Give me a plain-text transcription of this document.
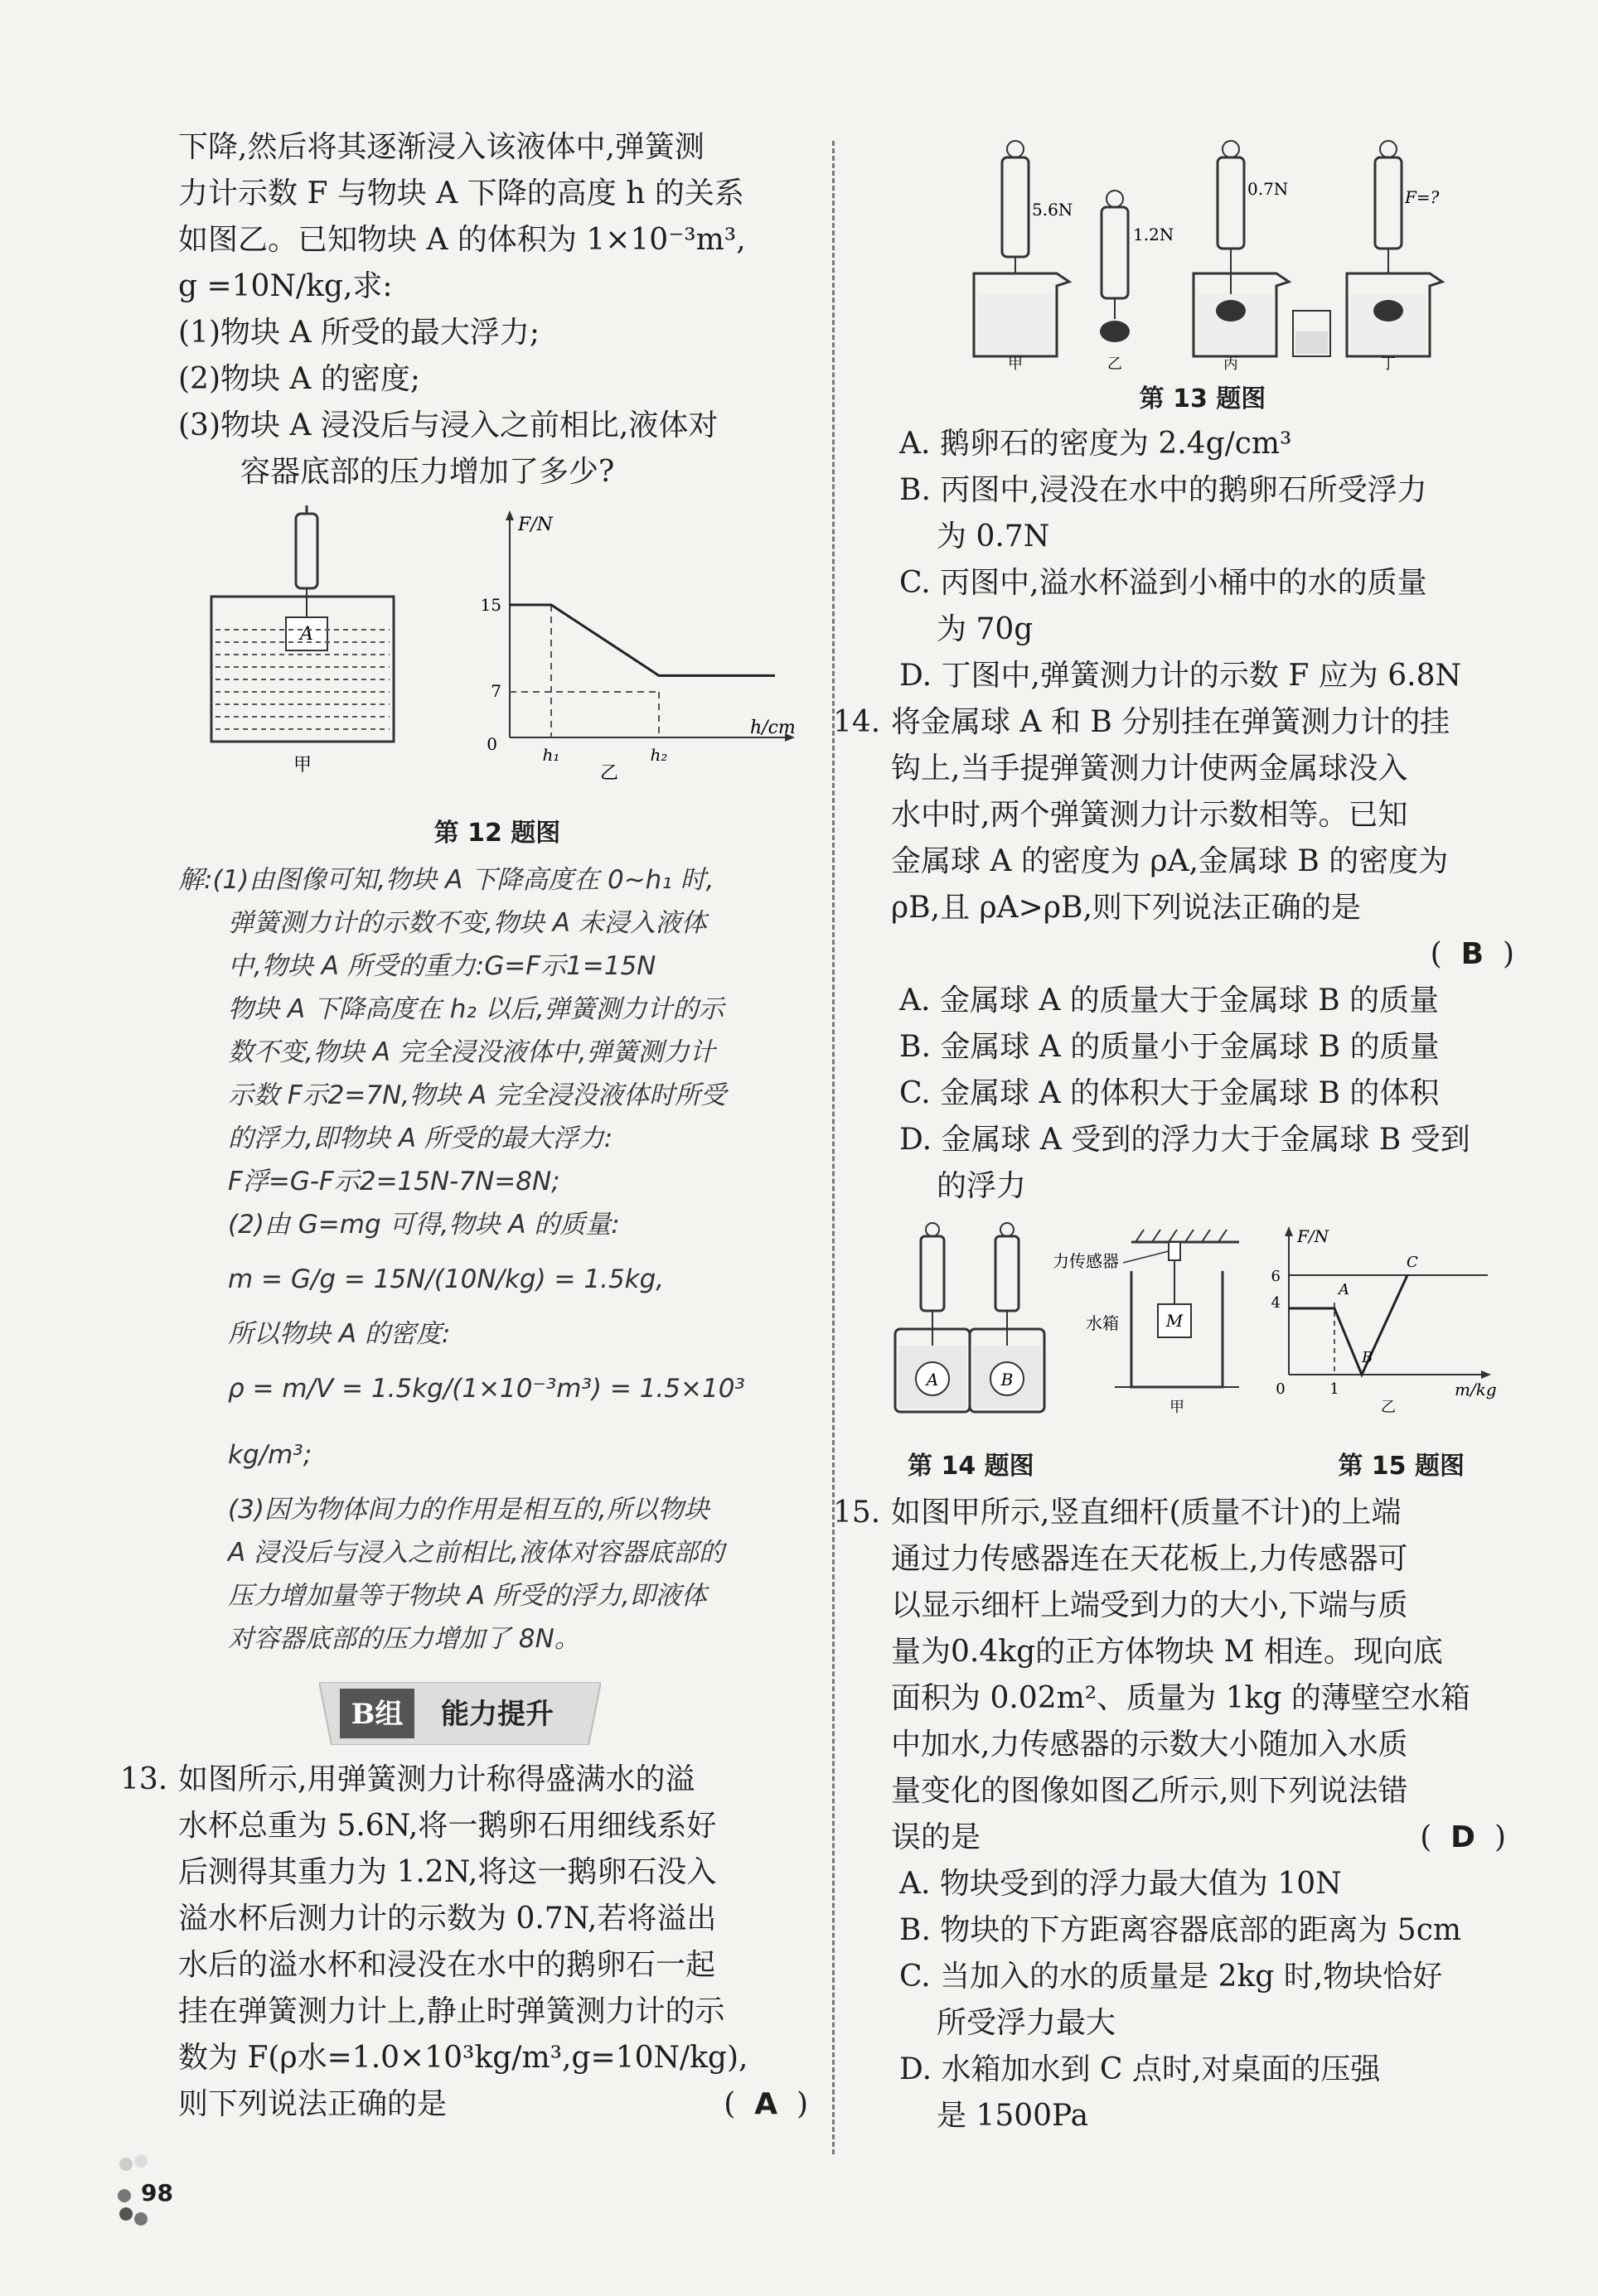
下降,然后将其逐渐浸入该液体中,弹簧测

力计示数 F 与物块 A 下降的高度 h 的关系

如图乙。已知物块 A 的体积为 1×10⁻³m³,

g =10N/kg,求:

(1)物块 A 所受的最大浮力;

(2)物块 A 的密度;

(3)物块 A 浸没后与浸入之前相比,液体对

容器底部的压力增加了多少?

A
甲
F/N
h/cm
0
15
7
h₁	h₂
乙
第 12 题图

解:(1)由图像可知,物块 A 下降高度在 0~h₁ 时,

弹簧测力计的示数不变,物块 A 未浸入液体

中,物块 A 所受的重力:G=F示1=15N

物块 A 下降高度在 h₂ 以后,弹簧测力计的示

数不变,物块 A 完全浸没液体中,弹簧测力计

示数 F示2=7N,物块 A 完全浸没液体时所受

的浮力,即物块 A 所受的最大浮力:

F浮=G-F示2=15N-7N=8N;

(2)由 G=mg 可得,物块 A 的质量:

m = G/g = 15N/(10N/kg) = 1.5kg,

所以物块 A 的密度:

ρ = m/V = 1.5kg/(1×10⁻³m³) = 1.5×10³ kg/m³;

(3)因为物体间力的作用是相互的,所以物块

A 浸没后与浸入之前相比,液体对容器底部的

压力增加量等于物块 A 所受的浮力,即液体

对容器底部的压力增加了 8N。

B组 能力提升
13. 如图所示,用弹簧测力计称得盛满水的溢
水杯总重为 5.6N,将一鹅卵石用细线系好
后测得其重力为 1.2N,将这一鹅卵石没入
溢水杯后测力计的示数为 0.7N,若将溢出
水后的溢水杯和浸没在水中的鹅卵石一起
挂在弹簧测力计上,静止时弹簧测力计的示
数为 F(ρ水=1.0×10³kg/m³,g=10N/kg),
则下列说法正确的是	(  A  )
5.6N
甲
1.2N
乙
0.7N
丙
F=?
丁
第 13 题图
A. 鹅卵石的密度为 2.4g/cm³
B. 丙图中,浸没在水中的鹅卵石所受浮力
为 0.7N
C. 丙图中,溢水杯溢到小桶中的水的质量
为 70g
D. 丁图中,弹簧测力计的示数 F 应为 6.8N
14. 将金属球 A 和 B 分别挂在弹簧测力计的挂
钩上,当手提弹簧测力计使两金属球没入
水中时,两个弹簧测力计示数相等。已知
金属球 A 的密度为 ρA,金属球 B 的密度为
ρB,且 ρA>ρB,则下列说法正确的是
(  B  )
A. 金属球 A 的质量大于金属球 B 的质量
B. 金属球 A 的质量小于金属球 B 的质量
C. 金属球 A 的体积大于金属球 B 的体积
D. 金属球 A 受到的浮力大于金属球 B 受到
的浮力
A	B
M
力传感器
水箱
甲
F/N
m/kg
0
6
4
1
A
B
C
乙
第 14 题图	第 15 题图
15. 如图甲所示,竖直细杆(质量不计)的上端
通过力传感器连在天花板上,力传感器可
以显示细杆上端受到力的大小,下端与质
量为0.4kg的正方体物块 M 相连。现向底
面积为 0.02m²、质量为 1kg 的薄壁空水箱
中加水,力传感器的示数大小随加入水质
量变化的图像如图乙所示,则下列说法错
误的是	(  D  )
A. 物块受到的浮力最大值为 10N
B. 物块的下方距离容器底部的距离为 5cm
C. 当加入的水的质量是 2kg 时,物块恰好
所受浮力最大
D. 水箱加水到 C 点时,对桌面的压强
是 1500Pa
98
